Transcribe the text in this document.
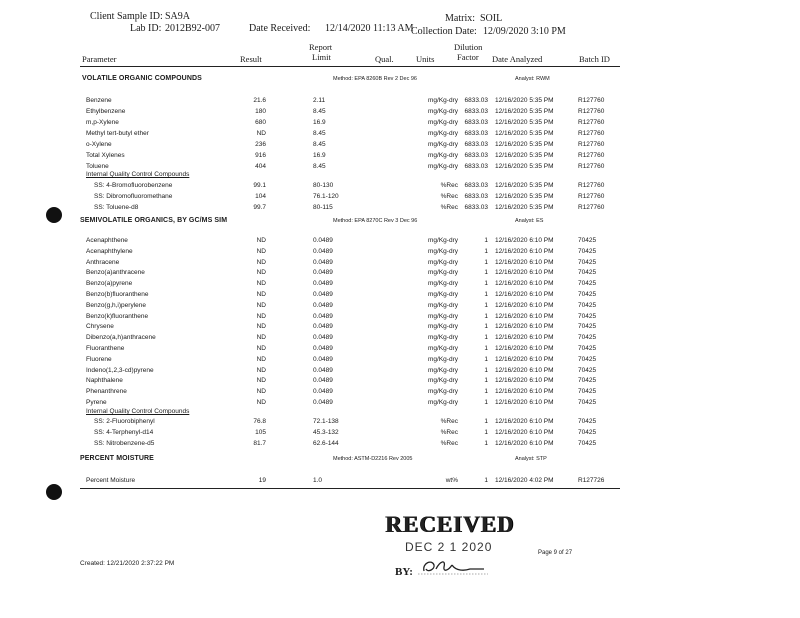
Client Sample ID: SA9A
Lab ID: 2012B92-007	Date Received: 12/14/2020 11:13 AM
Matrix: SOIL
Collection Date: 12/09/2020 3:10 PM
Parameter	Result
Report
Limit	Qual.	Units
Dilution
Factor Date Analyzed	Batch ID
VOLATILE ORGANIC COMPOUNDS	Method: EPA 8260B Rev 2 Dec 96	Analyst: RWM
Benzene	21.6	2.11	mg/Kg-dry	6833.03 12/16/2020 5:35 PM	R127760
Ethylbenzene	180	8.45	mg/Kg-dry	6833.03 12/16/2020 5:35 PM	R127760
m,p-Xylene	680	16.9	mg/Kg-dry	6833.03 12/16/2020 5:35 PM	R127760
Methyl tert-butyl ether	ND	8.45	mg/Kg-dry	6833.03 12/16/2020 5:35 PM	R127760
o-Xylene	236	8.45	mg/Kg-dry	6833.03 12/16/2020 5:35 PM	R127760
Total Xylenes	916	16.9	mg/Kg-dry	6833.03 12/16/2020 5:35 PM	R127760
Toluene	404	8.45	mg/Kg-dry	6833.03 12/16/2020 5:35 PM	R127760
Internal Quality Control Compounds
SS: 4-Bromofluorobenzene	99.1	80-130	%Rec	6833.03 12/16/2020 5:35 PM	R127760
SS: Dibromofluoromethane	104	76.1-120	%Rec	6833.03 12/16/2020 5:35 PM	R127760
SS: Toluene-d8	99.7	80-115	%Rec	6833.03 12/16/2020 5:35 PM	R127760
SEMIVOLATILE ORGANICS, BY GC/MS SIM	Method: EPA 8270C Rev 3 Dec 96	Analyst: ES
Acenaphthene	ND	0.0489	mg/Kg-dry	1 12/16/2020 6:10 PM	70425
Acenaphthylene	ND	0.0489	mg/Kg-dry	1 12/16/2020 6:10 PM	70425
Anthracene	ND	0.0489	mg/Kg-dry	1 12/16/2020 6:10 PM	70425
Benzo(a)anthracene	ND	0.0489	mg/Kg-dry	1 12/16/2020 6:10 PM	70425
Benzo(a)pyrene	ND	0.0489	mg/Kg-dry	1 12/16/2020 6:10 PM	70425
Benzo(b)fluoranthene	ND	0.0489	mg/Kg-dry	1 12/16/2020 6:10 PM	70425
Benzo(g,h,i)perylene	ND	0.0489	mg/Kg-dry	1 12/16/2020 6:10 PM	70425
Benzo(k)fluoranthene	ND	0.0489	mg/Kg-dry	1 12/16/2020 6:10 PM	70425
Chrysene	ND	0.0489	mg/Kg-dry	1 12/16/2020 6:10 PM	70425
Dibenzo(a,h)anthracene	ND	0.0489	mg/Kg-dry	1 12/16/2020 6:10 PM	70425
Fluoranthene	ND	0.0489	mg/Kg-dry	1 12/16/2020 6:10 PM	70425
Fluorene	ND	0.0489	mg/Kg-dry	1 12/16/2020 6:10 PM	70425
Indeno(1,2,3-cd)pyrene	ND	0.0489	mg/Kg-dry	1 12/16/2020 6:10 PM	70425
Naphthalene	ND	0.0489	mg/Kg-dry	1 12/16/2020 6:10 PM	70425
Phenanthrene	ND	0.0489	mg/Kg-dry	1 12/16/2020 6:10 PM	70425
Pyrene	ND	0.0489	mg/Kg-dry	1 12/16/2020 6:10 PM	70425
Internal Quality Control Compounds
SS: 2-Fluorobiphenyl	76.8	72.1-138	%Rec	1 12/16/2020 6:10 PM	70425
SS: 4-Terphenyl-d14	105	45.3-132	%Rec	1 12/16/2020 6:10 PM	70425
SS: Nitrobenzene-d5	81.7	62.6-144	%Rec	1 12/16/2020 6:10 PM	70425
PERCENT MOISTURE	Method: ASTM-D2216 Rev 2005	Analyst: STP
Percent Moisture	19	1.0	wt%	1 12/16/2020 4:02 PM	R127726
RECEIVED
DEC 2 1 2020
BY:
Created: 12/21/2020 2:37:22 PM
Page 9 of 27
